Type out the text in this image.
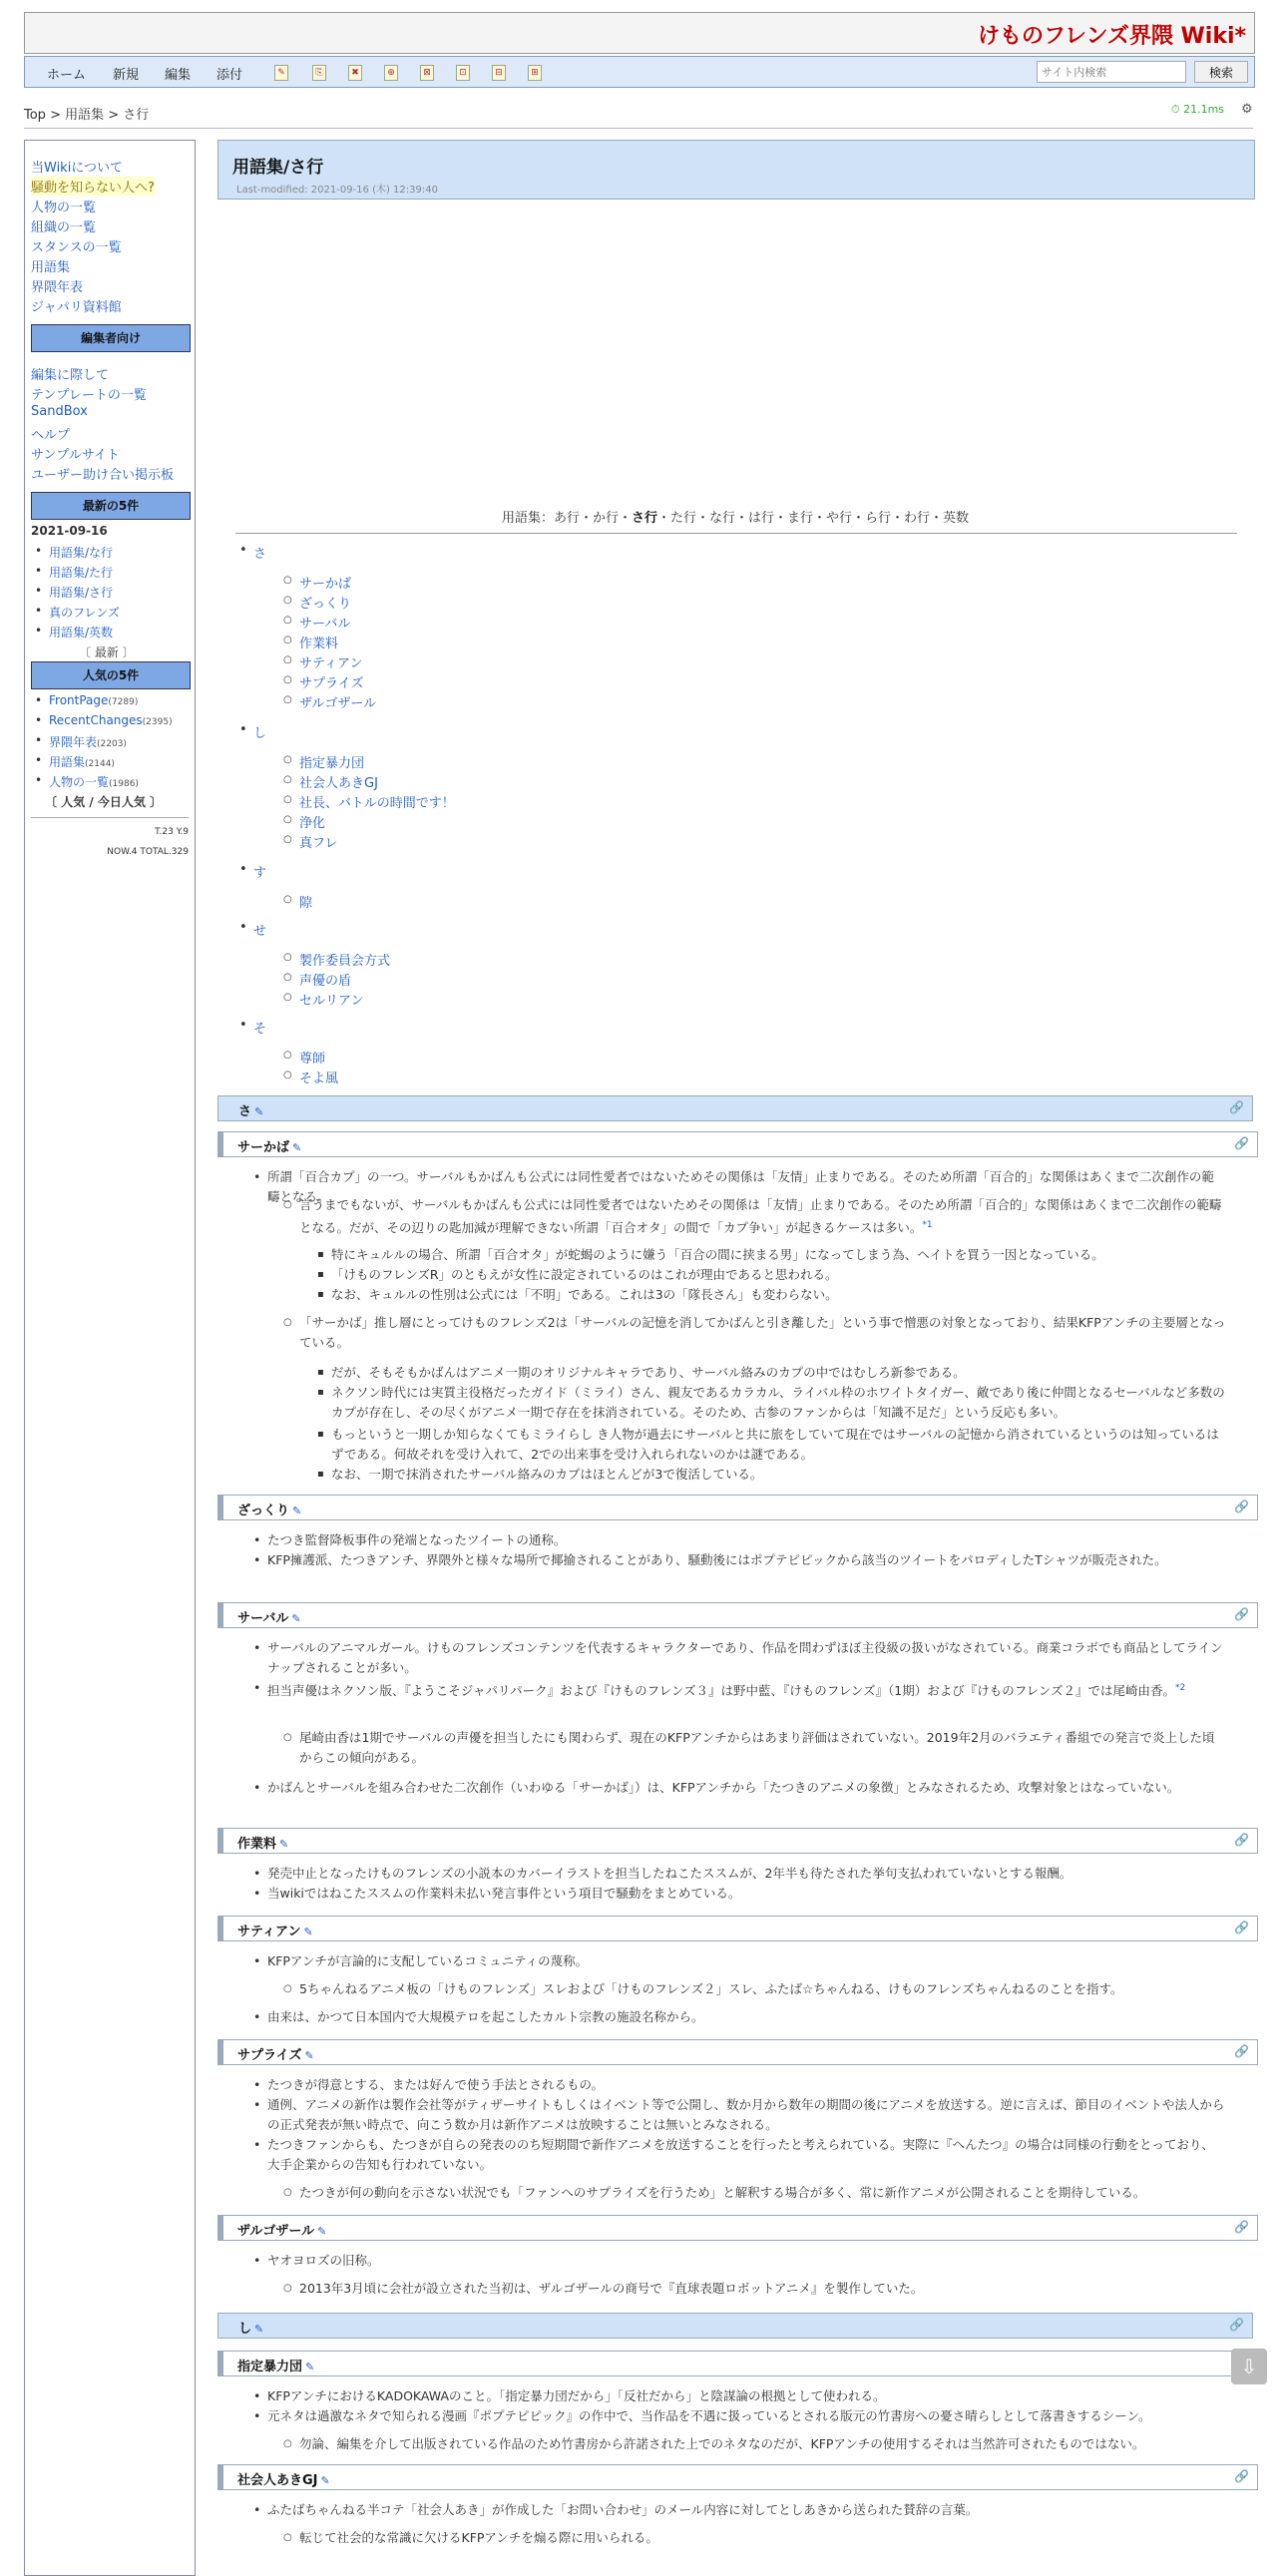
けものフレンズ界隈 Wiki*
ホーム 新規 編集 添付	✎	⎘	✖	⊕	⊠	⊡	⊟	⊞
サイト内検索	検索
Top > 用語集 > さ行	⏱ 21.1ms ⚙
当Wikiについて
騒動を知らない人へ?
人物の一覧
組織の一覧
スタンスの一覧
用語集
界隈年表
ジャパリ資料館
編集者向け
編集に際して
テンプレートの一覧
SandBox
ヘルプ
サンプルサイト
ユーザー助け合い掲示板
最新の5件
2021-09-16
• 用語集/な行
• 用語集/た行
• 用語集/さ行
• 真のフレンズ
• 用語集/英数
〔 最新 〕
人気の5件
• FrontPage(7289)
• RecentChanges(2395)
• 界隈年表(2203)
• 用語集(2144)
• 人物の一覧(1986)
〔 人気 / 今日人気 〕
T.23 Y.9
NOW.4 TOTAL.329
用語集/さ行
Last-modified: 2021-09-16 (木) 12:39:40
用語集：あ行・か行・さ行・た行・な行・は行・ま行・や行・ら行・わ行・英数
• さ
○ サーかば
○ ざっくり
○ サーバル
○ 作業料
○ サティアン
○ サプライズ
○ ザルゴザール
• し
○ 指定暴力団
○ 社会人あきGJ
○ 社長、バトルの時間です！
○ 浄化
○ 真フレ
• す
○ 隙
• せ
○ 製作委員会方式
○ 声優の盾
○ セルリアン
• そ
○ 尊師
○ そよ風
さ ✎	🔗
サーかば ✎	🔗
• 所謂「百合カプ」の一つ。サーバルもかばんも公式には同性愛者ではないためその関係は「友情」止まりである。そのため所謂「百合的」な関係はあくまで二次創作の範疇となる。
○ 言うまでもないが、サーバルもかばんも公式には同性愛者ではないためその関係は「友情」止まりである。そのため所謂「百合的」な関係はあくまで二次創作の範疇となる。だが、その辺りの匙加減が理解できない所謂「百合オタ」の間で「カプ争い」が起きるケースは多い。$^{*1}$
▪ 特にキュルルの場合、所謂「百合オタ」が蛇蝎のように嫌う「百合の間に挟まる男」になってしまう為、ヘイトを買う一因となっている。
▪ 「けものフレンズR」のともえが女性に設定されているのはこれが理由であると思われる。
▪ なお、キュルルの性別は公式には「不明」である。これは3の「隊長さん」も変わらない。
○ 「サーかば」推し層にとってけものフレンズ2は「サーバルの記憶を消してかばんと引き離した」という事で憎悪の対象となっており、結果KFPアンチの主要層となっている。
▪ だが、そもそもかばんはアニメ一期のオリジナルキャラであり、サーバル絡みのカプの中ではむしろ新参である。
▪ ネクソン時代には実質主役格だったガイド（ミライ）さん、親友であるカラカル、ライバル枠のホワイトタイガー、敵であり後に仲間となるセーバルなど多数のカプが存在し、その尽くがアニメ一期で存在を抹消されている。そのため、古参のファンからは「知識不足だ」という反応も多い。
▪ もっというと一期しか知らなくてもミライらし き人物が過去にサーバルと共に旅をしていて現在ではサーバルの記憶から消されているというのは知っているはずである。何故それを受け入れて、2での出来事を受け入れられないのかは謎である。
▪ なお、一期で抹消されたサーバル絡みのカプはほとんどが3で復活している。
ざっくり ✎	🔗
• たつき監督降板事件の発端となったツイートの通称。
• KFP擁護派、たつきアンチ、界隈外と様々な場所で揶揄されることがあり、騒動後にはポプテピピックから該当のツイートをパロディしたTシャツが販売された。
サーバル ✎	🔗
• サーバルのアニマルガール。けものフレンズコンテンツを代表するキャラクターであり、作品を問わずほぼ主役級の扱いがなされている。商業コラボでも商品としてラインナップされることが多い。
• 担当声優はネクソン版、『ようこそジャパリパーク』および『けものフレンズ３』は野中藍、『けものフレンズ』（1期）および『けものフレンズ２』では尾崎由香。$^{*2}$
○ 尾崎由香は1期でサーバルの声優を担当したにも関わらず、現在のKFPアンチからはあまり評価はされていない。2019年2月のバラエティ番組での発言で炎上した頃からこの傾向がある。
• かばんとサーバルを組み合わせた二次創作（いわゆる「サーかば」）は、KFPアンチから「たつきのアニメの象徴」とみなされるため、攻撃対象とはなっていない。
作業料 ✎	🔗
• 発売中止となったけものフレンズの小説本のカバーイラストを担当したねこたススムが、2年半も待たされた挙句支払われていないとする報酬。
• 当wikiではねこたススムの作業料未払い発言事件という項目で騒動をまとめている。
サティアン ✎	🔗
• KFPアンチが言論的に支配しているコミュニティの蔑称。
○ 5ちゃんねるアニメ板の「けものフレンズ」スレおよび「けものフレンズ２」スレ、ふたば☆ちゃんねる、けものフレンズちゃんねるのことを指す。
• 由来は、かつて日本国内で大規模テロを起こしたカルト宗教の施設名称から。
サプライズ ✎	🔗
• たつきが得意とする、または好んで使う手法とされるもの。
• 通例、アニメの新作は製作会社等がティザーサイトもしくはイベント等で公開し、数か月から数年の期間の後にアニメを放送する。逆に言えば、節目のイベントや法人からの正式発表が無い時点で、向こう数か月は新作アニメは放映することは無いとみなされる。
• たつきファンからも、たつきが自らの発表ののち短期間で新作アニメを放送することを行ったと考えられている。実際に『へんたつ』の場合は同様の行動をとっており、大手企業からの告知も行われていない。
○ たつきが何の動向を示さない状況でも「ファンへのサプライズを行うため」と解釈する場合が多く、常に新作アニメが公開されることを期待している。
ザルゴザール ✎	🔗
• ヤオヨロズの旧称。
○ 2013年3月頃に会社が設立された当初は、ザルゴザールの商号で『直球表題ロボットアニメ』を製作していた。
し ✎	🔗
指定暴力団 ✎
• KFPアンチにおけるKADOKAWAのこと。「指定暴力団だから」「反社だから」と陰謀論の根拠として使われる。
• 元ネタは過激なネタで知られる漫画『ポプテピピック』の作中で、当作品を不遇に扱っているとされる版元の竹書房への憂さ晴らしとして落書きするシーン。
○ 勿論、編集を介して出版されている作品のため竹書房から許諾された上でのネタなのだが、KFPアンチの使用するそれは当然許可されたものではない。
社会人あきGJ ✎	🔗
• ふたばちゃんねる半コテ「社会人あき」が作成した「お問い合わせ」のメール内容に対してとしあきから送られた賛辞の言葉。
○ 転じて社会的な常識に欠けるKFPアンチを煽る際に用いられる。
⇩
